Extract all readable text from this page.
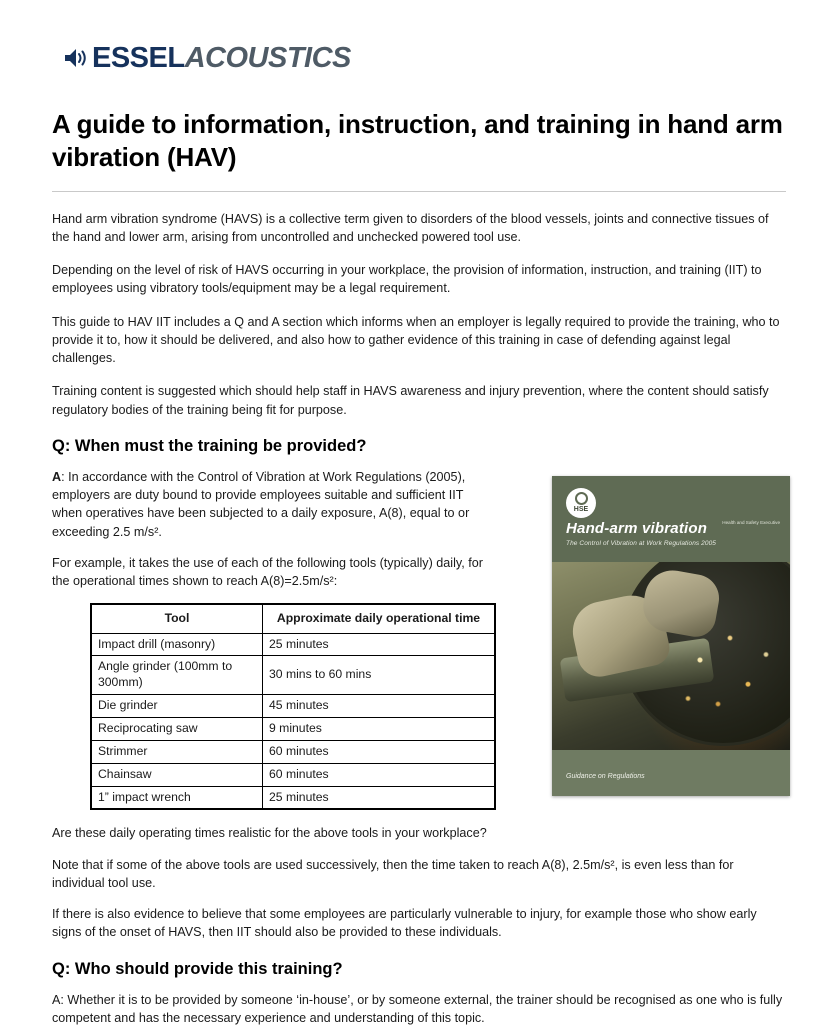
ESSELACOUSTICS
A guide to information, instruction, and training in hand arm vibration (HAV)

Hand arm vibration syndrome (HAVS) is a collective term given to disorders of the blood vessels, joints and connective tissues of the hand and lower arm, arising from uncontrolled and unchecked powered tool use.

Depending on the level of risk of HAVS occurring in your workplace, the provision of information, instruction, and training (IIT) to employees using vibratory tools/equipment may be a legal requirement.

This guide to HAV IIT includes a Q and A section which informs when an employer is legally required to provide the training, who to provide it to, how it should be delivered, and also how to gather evidence of this training in case of defending against legal challenges.

Training content is suggested which should help staff in HAVS awareness and injury prevention, where the content should satisfy regulatory bodies of the training being fit for purpose.

Q: When must the training be provided?
HSE
Hand-arm vibration
The Control of Vibration at Work Regulations 2005
Health and Safety Executive
Guidance on Regulations

A: In accordance with the Control of Vibration at Work Regulations (2005), employers are duty bound to provide employees suitable and sufficient IIT when operatives have been subjected to a daily exposure, A(8), equal to or exceeding 2.5 m/s².

For example, it takes the use of each of the following tools (typically) daily, for the operational times shown to reach A(8)=2.5m/s²:

Tool	Approximate daily operational time
Impact drill (masonry)	25 minutes
Angle grinder (100mm to 300mm)	30 mins to 60 mins
Die grinder	45 minutes
Reciprocating saw	9 minutes
Strimmer	60 minutes
Chainsaw	60 minutes
1” impact wrench	25 minutes

Are these daily operating times realistic for the above tools in your workplace?

Note that if some of the above tools are used successively, then the time taken to reach A(8), 2.5m/s², is even less than for individual tool use.

If there is also evidence to believe that some employees are particularly vulnerable to injury, for example those who show early signs of the onset of HAVS, then IIT should also be provided to these individuals.

Q: Who should provide this training?

A: Whether it is to be provided by someone ‘in-house’, or by someone external, the trainer should be recognised as one who is fully competent and has the necessary experience and understanding of this topic.
